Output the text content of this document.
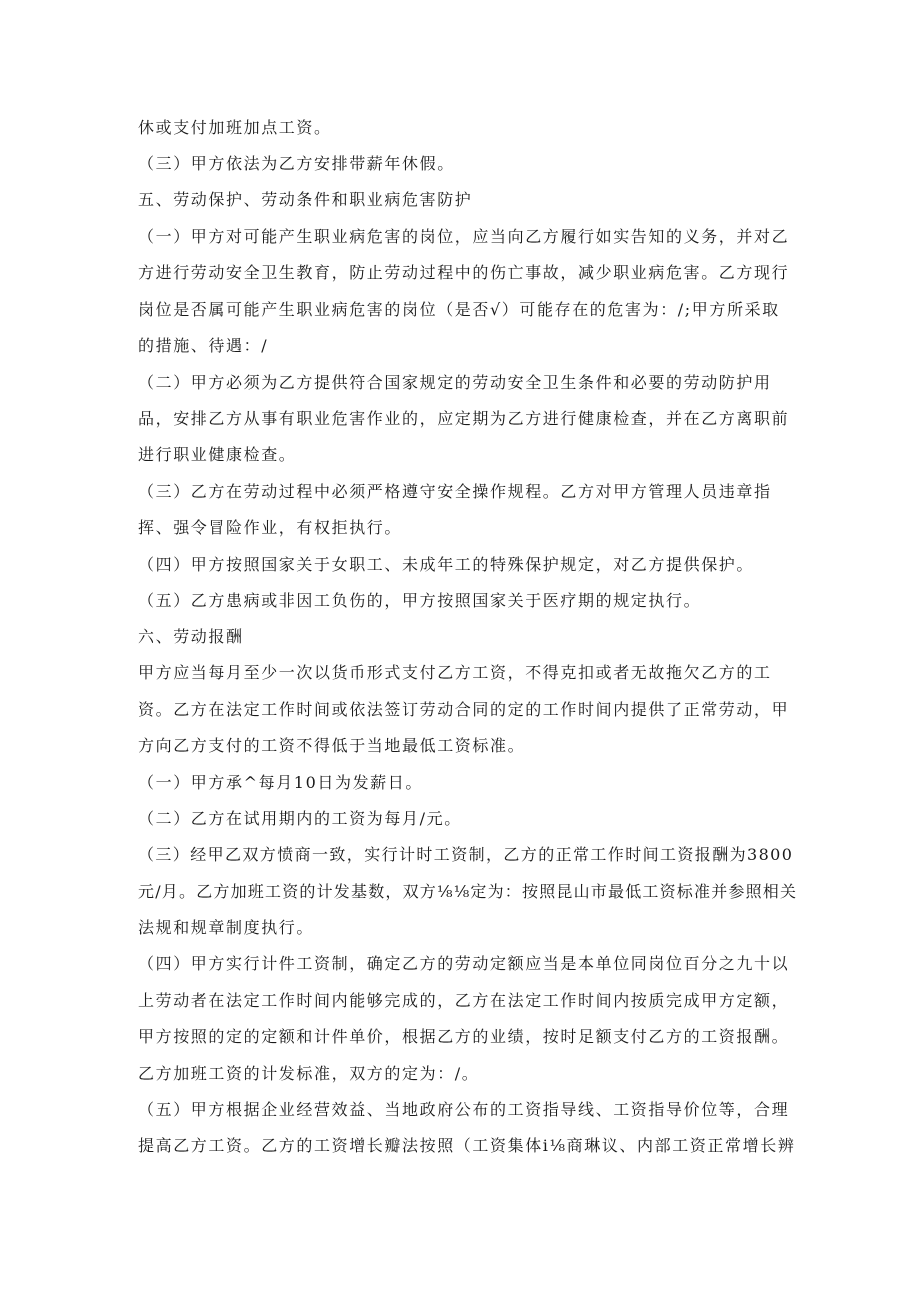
休或支付加班加点工资。
（三）甲方依法为乙方安排带薪年休假。
五、劳动保护、劳动条件和职业病危害防护
（一）甲方对可能产生职业病危害的岗位，应当向乙方履行如实告知的义务，并对乙
方进行劳动安全卫生教育，防止劳动过程中的伤亡事故，减少职业病危害。乙方现行
岗位是否属可能产生职业病危害的岗位（是否√）可能存在的危害为：/;甲方所采取
的措施、待遇：/
（二）甲方必须为乙方提供符合国家规定的劳动安全卫生条件和必要的劳动防护用
品，安排乙方从事有职业危害作业的，应定期为乙方进行健康检查，并在乙方离职前
进行职业健康检查。
（三）乙方在劳动过程中必须严格遵守安全操作规程。乙方对甲方管理人员违章指
挥、强令冒险作业，有权拒执行。
（四）甲方按照国家关于女职工、未成年工的特殊保护规定，对乙方提供保护。
（五）乙方患病或非因工负伤的，甲方按照国家关于医疗期的规定执行。
六、劳动报酬
甲方应当每月至少一次以货币形式支付乙方工资，不得克扣或者无故拖欠乙方的工
资。乙方在法定工作时间或依法签订劳动合同的定的工作时间内提供了正常劳动，甲
方向乙方支付的工资不得低于当地最低工资标准。
（一）甲方承^每月10日为发薪日。
（二）乙方在试用期内的工资为每月/元。
（三）经甲乙双方愤商一致，实行计时工资制，乙方的正常工作时间工资报酬为3800
元/月。乙方加班工资的计发基数，双方⅛⅛定为：按照昆山市最低工资标准并参照相关
法规和规章制度执行。
（四）甲方实行计件工资制，确定乙方的劳动定额应当是本单位同岗位百分之九十以
上劳动者在法定工作时间内能够完成的，乙方在法定工作时间内按质完成甲方定额，
甲方按照的定的定额和计件单价，根据乙方的业绩，按时足额支付乙方的工资报酬。
乙方加班工资的计发标准，双方的定为：/。
（五）甲方根据企业经营效益、当地政府公布的工资指导线、工资指导价位等，合理
提高乙方工资。乙方的工资增长瓣法按照（工资集体i⅛商琳议、内部工资正常增长辨
